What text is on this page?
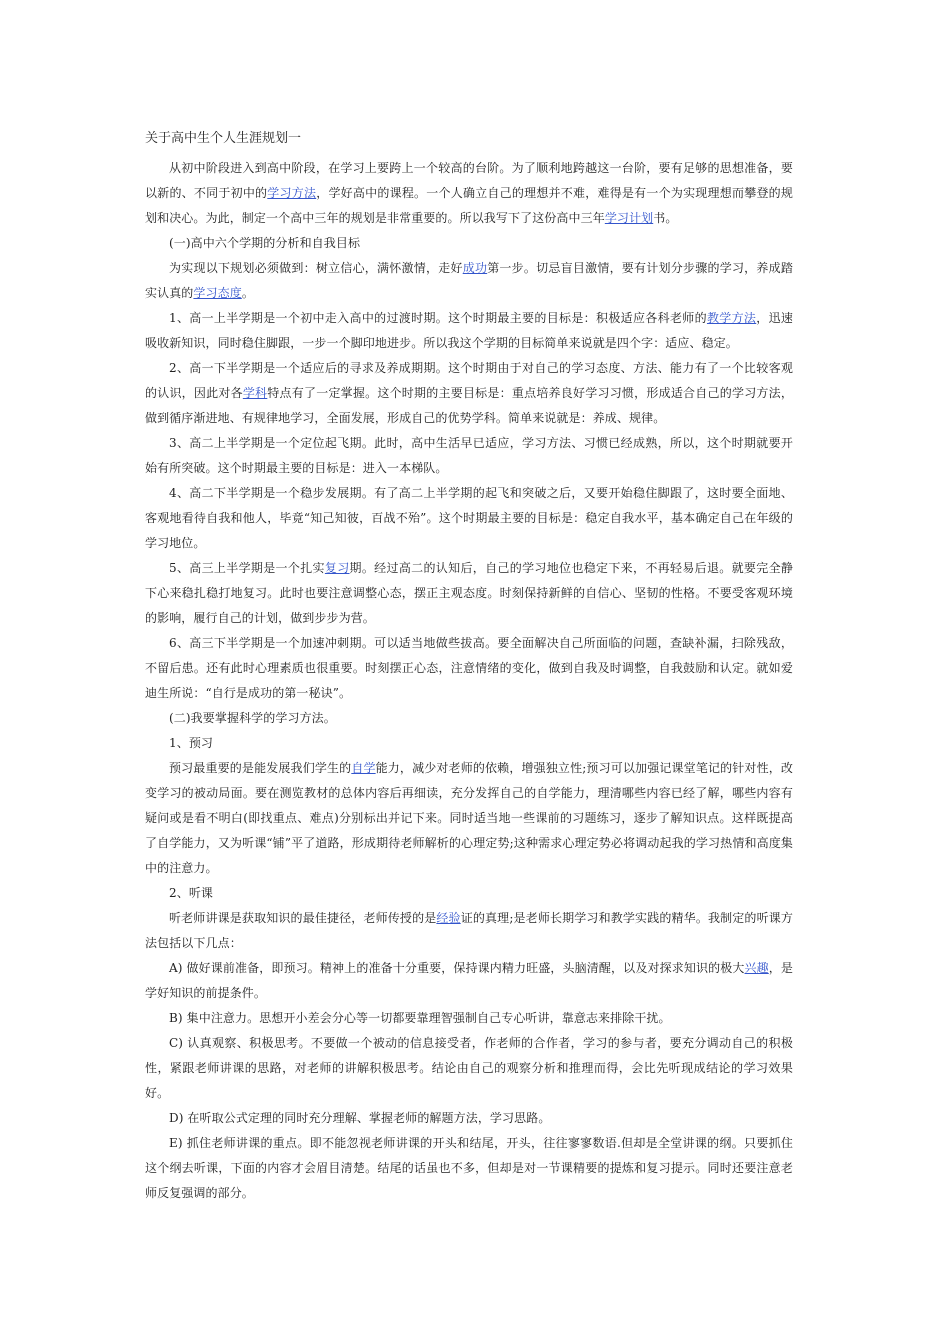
关于高中生个人生涯规划一

从初中阶段进入到高中阶段，在学习上要跨上一个较高的台阶。为了顺利地跨越这一台阶，要有足够的思想准备，要以新的、不同于初中的学习方法，学好高中的课程。一个人确立自己的理想并不难，难得是有一个为实现理想而攀登的规划和决心。为此，制定一个高中三年的规划是非常重要的。所以我写下了这份高中三年学习计划书。

(一)高中六个学期的分析和自我目标

为实现以下规划必须做到：树立信心，满怀激情，走好成功第一步。切忌盲目激情，要有计划分步骤的学习，养成踏实认真的学习态度。

1、高一上半学期是一个初中走入高中的过渡时期。这个时期最主要的目标是：积极适应各科老师的教学方法，迅速吸收新知识，同时稳住脚跟，一步一个脚印地进步。所以我这个学期的目标简单来说就是四个字：适应、稳定。

2、高一下半学期是一个适应后的寻求及养成期期。这个时期由于对自己的学习态度、方法、能力有了一个比较客观的认识，因此对各学科特点有了一定掌握。这个时期的主要目标是：重点培养良好学习习惯，形成适合自己的学习方法，做到循序渐进地、有规律地学习，全面发展，形成自己的优势学科。简单来说就是：养成、规律。

3、高二上半学期是一个定位起飞期。此时，高中生活早已适应，学习方法、习惯已经成熟，所以，这个时期就要开始有所突破。这个时期最主要的目标是：进入一本梯队。

4、高二下半学期是一个稳步发展期。有了高二上半学期的起飞和突破之后，又要开始稳住脚跟了，这时要全面地、客观地看待自我和他人，毕竟“知己知彼，百战不殆”。这个时期最主要的目标是：稳定自我水平，基本确定自己在年级的学习地位。

5、高三上半学期是一个扎实复习期。经过高二的认知后，自己的学习地位也稳定下来，不再轻易后退。就要完全静下心来稳扎稳打地复习。此时也要注意调整心态，摆正主观态度。时刻保持新鲜的自信心、坚韧的性格。不要受客观环境的影响，履行自己的计划，做到步步为营。

6、高三下半学期是一个加速冲刺期。可以适当地做些拔高。要全面解决自己所面临的问题，查缺补漏，扫除残敌，不留后患。还有此时心理素质也很重要。时刻摆正心态，注意情绪的变化，做到自我及时调整，自我鼓励和认定。就如爱迪生所说：“自行是成功的第一秘诀”。

(二)我要掌握科学的学习方法。

1、预习

预习最重要的是能发展我们学生的自学能力，减少对老师的依赖，增强独立性;预习可以加强记课堂笔记的针对性，改变学习的被动局面。要在测览教材的总体内容后再细读，充分发挥自己的自学能力，理清哪些内容已经了解，哪些内容有疑问或是看不明白(即找重点、难点)分别标出并记下来。同时适当地一些课前的习题练习，逐步了解知识点。这样既提高了自学能力，又为听课“铺”平了道路，形成期待老师解析的心理定势;这种需求心理定势必将调动起我的学习热情和高度集中的注意力。

2、听课

听老师讲课是获取知识的最佳捷径，老师传授的是经验证的真理;是老师长期学习和教学实践的精华。我制定的听课方法包括以下几点：

A) 做好课前准备，即预习。精神上的准备十分重要，保持课内精力旺盛，头脑清醒，以及对探求知识的极大兴趣，是学好知识的前提条件。

B) 集中注意力。思想开小差会分心等一切都要靠理智强制自己专心听讲，靠意志来排除干扰。

C) 认真观察、积极思考。不要做一个被动的信息接受者，作老师的合作者，学习的参与者，要充分调动自己的积极性，紧跟老师讲课的思路，对老师的讲解积极思考。结论由自己的观察分析和推理而得，会比先听现成结论的学习效果好。

D) 在听取公式定理的同时充分理解、掌握老师的解题方法，学习思路。

E) 抓住老师讲课的重点。即不能忽视老师讲课的开头和结尾，开头，往往寥寥数语.但却是全堂讲课的纲。只要抓住这个纲去听课，下面的内容才会眉目清楚。结尾的话虽也不多，但却是对一节课精要的提炼和复习提示。同时还要注意老师反复强调的部分。
